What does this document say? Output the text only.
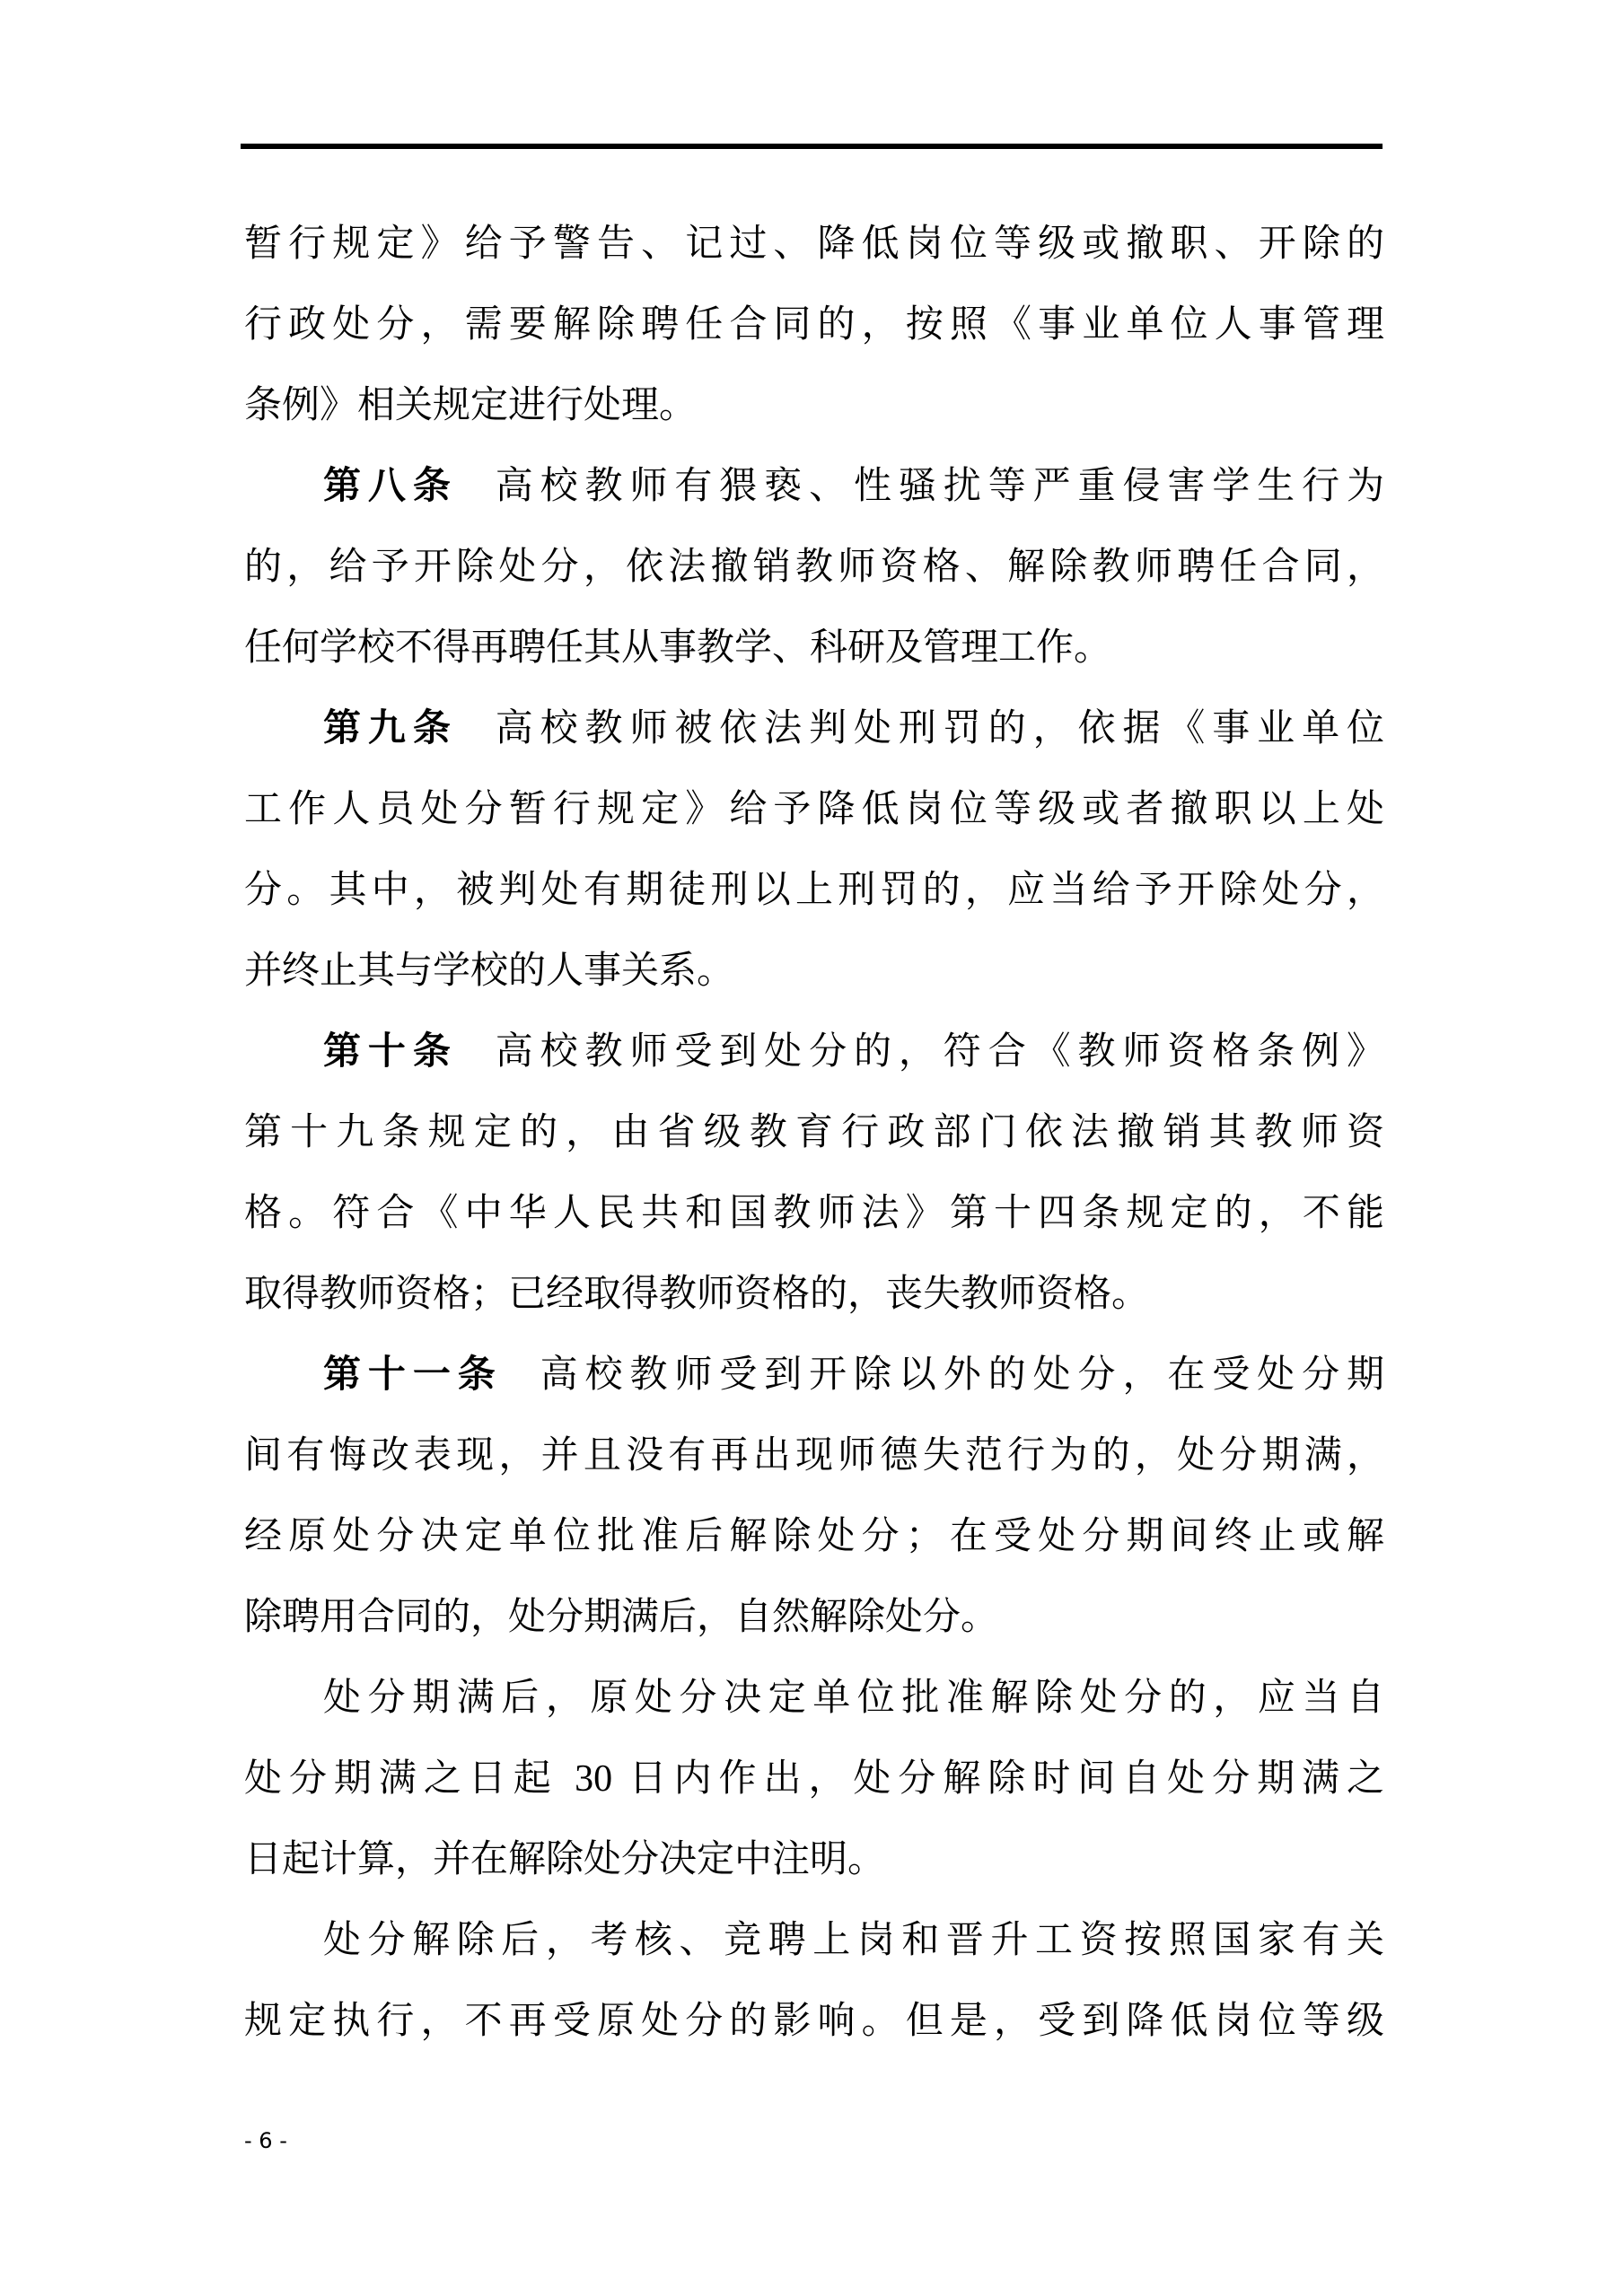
暂行规定》给予警告、记过、降低岗位等级或撤职、开除的
行政处分，需要解除聘任合同的，按照《事业单位人事管理
条例》相关规定进行处理。
第八条 高校教师有猥亵、性骚扰等严重侵害学生行为
的，给予开除处分，依法撤销教师资格、解除教师聘任合同，
任何学校不得再聘任其从事教学、科研及管理工作。
第九条 高校教师被依法判处刑罚的，依据《事业单位
工作人员处分暂行规定》给予降低岗位等级或者撤职以上处
分。其中，被判处有期徒刑以上刑罚的，应当给予开除处分，
并终止其与学校的人事关系。
第十条 高校教师受到处分的，符合《教师资格条例》
第十九条规定的，由省级教育行政部门依法撤销其教师资
格。符合《中华人民共和国教师法》第十四条规定的，不能
取得教师资格；已经取得教师资格的，丧失教师资格。
第十一条 高校教师受到开除以外的处分，在受处分期
间有悔改表现，并且没有再出现师德失范行为的，处分期满，
经原处分决定单位批准后解除处分；在受处分期间终止或解
除聘用合同的，处分期满后，自然解除处分。
处分期满后，原处分决定单位批准解除处分的，应当自
处分期满之日起 30 日内作出，处分解除时间自处分期满之
日起计算，并在解除处分决定中注明。
处分解除后，考核、竞聘上岗和晋升工资按照国家有关
规定执行，不再受原处分的影响。但是，受到降低岗位等级
- 6 -
